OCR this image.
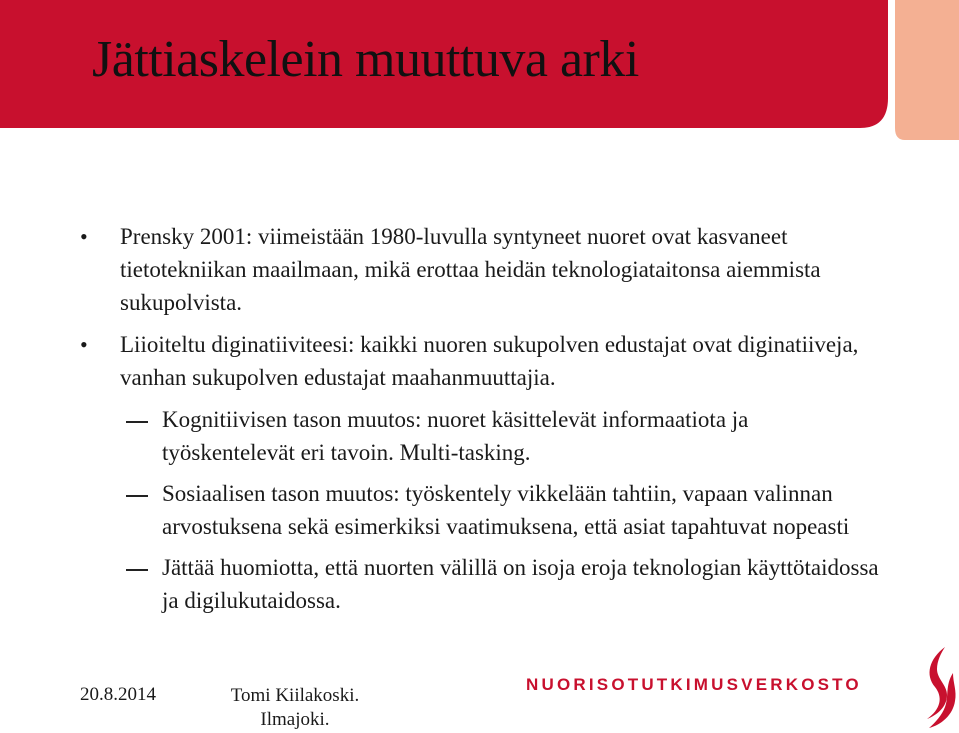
Jättiaskelein muuttuva arki
• Prensky 2001: viimeistään 1980-luvulla syntyneet nuoret ovat kasvaneet tietotekniikan maailmaan, mikä erottaa heidän teknologiataitonsa aiemmista sukupolvista.
• Liioiteltu diginatiiviteesi: kaikki nuoren sukupolven edustajat ovat diginatiiveja, vanhan sukupolven edustajat maahanmuuttajia.
Kognitiivisen tason muutos: nuoret käsittelevät informaatiota ja työskentelevät eri tavoin. Multi-tasking.
Sosiaalisen tason muutos: työskentely vikkelään tahtiin, vapaan valinnan arvostuksena sekä esimerkiksi vaatimuksena, että asiat tapahtuvat nopeasti
Jättää huomiotta, että nuorten välillä on isoja eroja teknologian käyttötaidossa ja digilukutaidossa.
20.8.2014	Tomi Kiilakoski. Ilmajoki.
NUORISOTUTKIMUSVERKOSTO
